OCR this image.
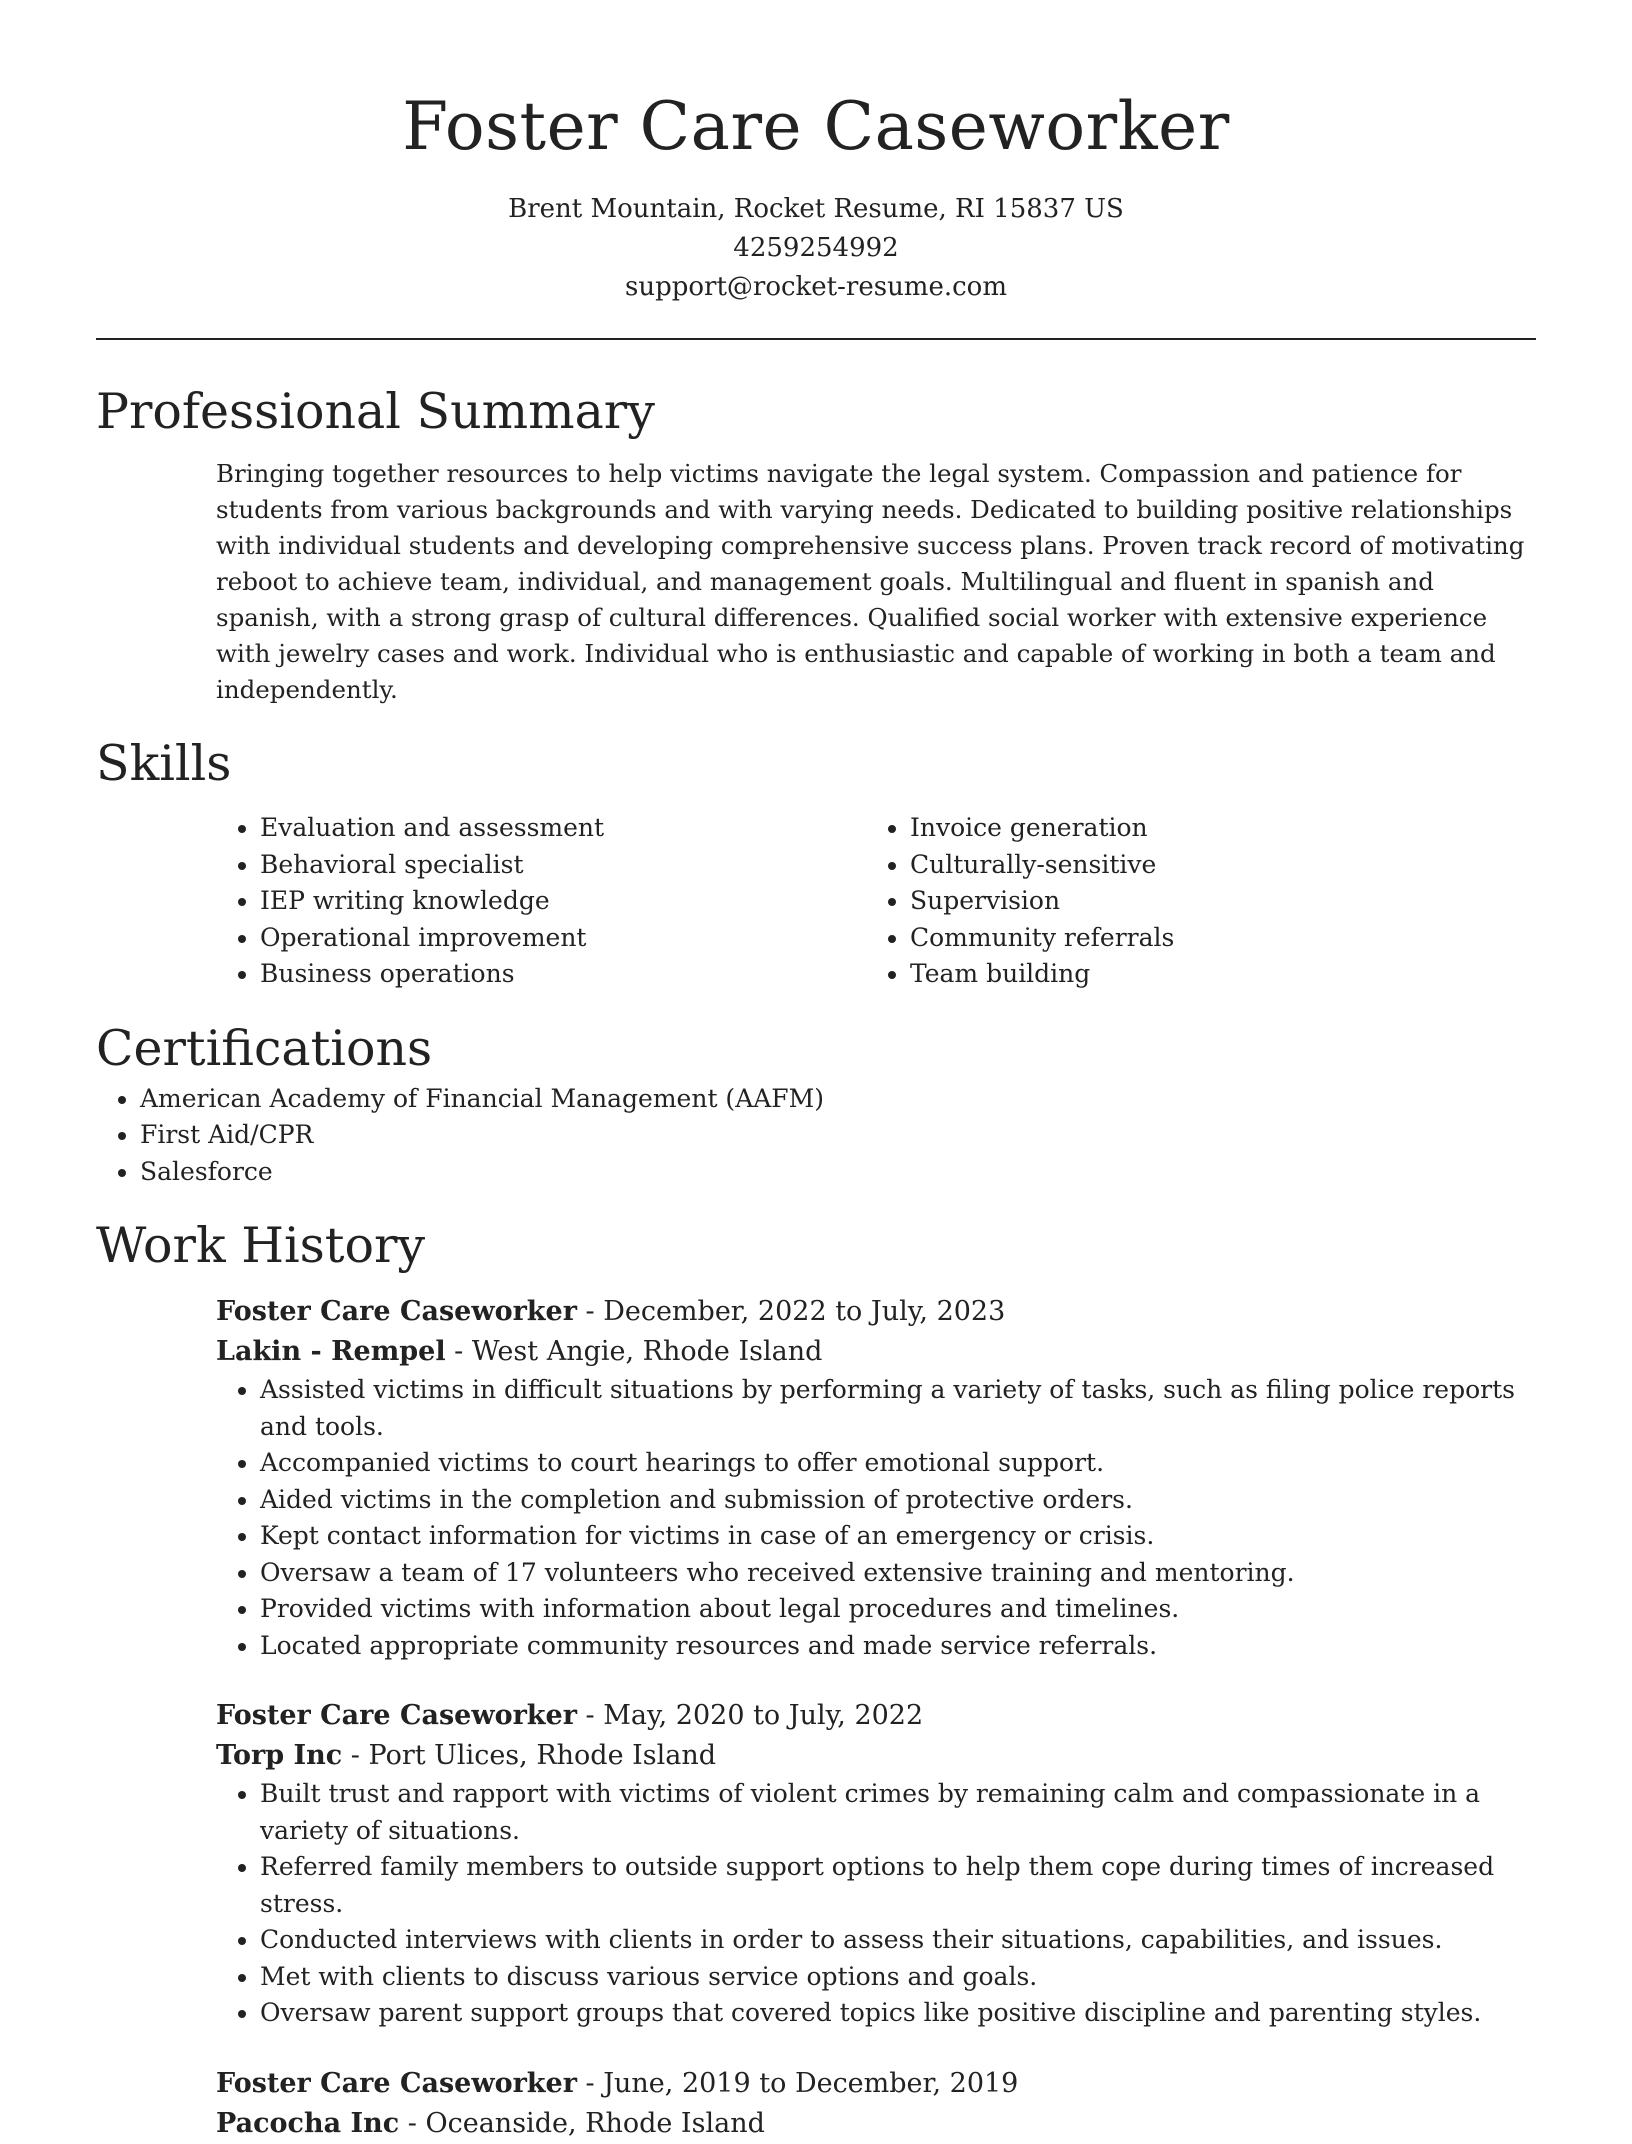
Foster Care Caseworker
Brent Mountain, Rocket Resume, RI 15837 US
4259254992
support@rocket-resume.com
Professional Summary

Bringing together resources to help victims navigate the legal system. Compassion and patience for students from various backgrounds and with varying needs. Dedicated to building positive relationships with individual students and developing comprehensive success plans. Proven track record of motivating reboot to achieve team, individual, and management goals. Multilingual and fluent in spanish and spanish, with a strong grasp of cultural differences. Qualified social worker with extensive experience with jewelry cases and work. Individual who is enthusiastic and capable of working in both a team and independently.

Skills
• Evaluation and assessment
• Behavioral specialist
• IEP writing knowledge
• Operational improvement
• Business operations
• Invoice generation
• Culturally-sensitive
• Supervision
• Community referrals
• Team building
Certifications
• American Academy of Financial Management (AAFM)
• First Aid/CPR
• Salesforce
Work History
Foster Care Caseworker - December, 2022 to July, 2023
Lakin - Rempel - West Angie, Rhode Island
• Assisted victims in difficult situations by performing a variety of tasks, such as filing police reports and tools.
• Accompanied victims to court hearings to offer emotional support.
• Aided victims in the completion and submission of protective orders.
• Kept contact information for victims in case of an emergency or crisis.
• Oversaw a team of 17 volunteers who received extensive training and mentoring.
• Provided victims with information about legal procedures and timelines.
• Located appropriate community resources and made service referrals.
Foster Care Caseworker - May, 2020 to July, 2022
Torp Inc - Port Ulices, Rhode Island
• Built trust and rapport with victims of violent crimes by remaining calm and compassionate in a variety of situations.
• Referred family members to outside support options to help them cope during times of increased stress.
• Conducted interviews with clients in order to assess their situations, capabilities, and issues.
• Met with clients to discuss various service options and goals.
• Oversaw parent support groups that covered topics like positive discipline and parenting styles.
Foster Care Caseworker - June, 2019 to December, 2019
Pacocha Inc - Oceanside, Rhode Island
